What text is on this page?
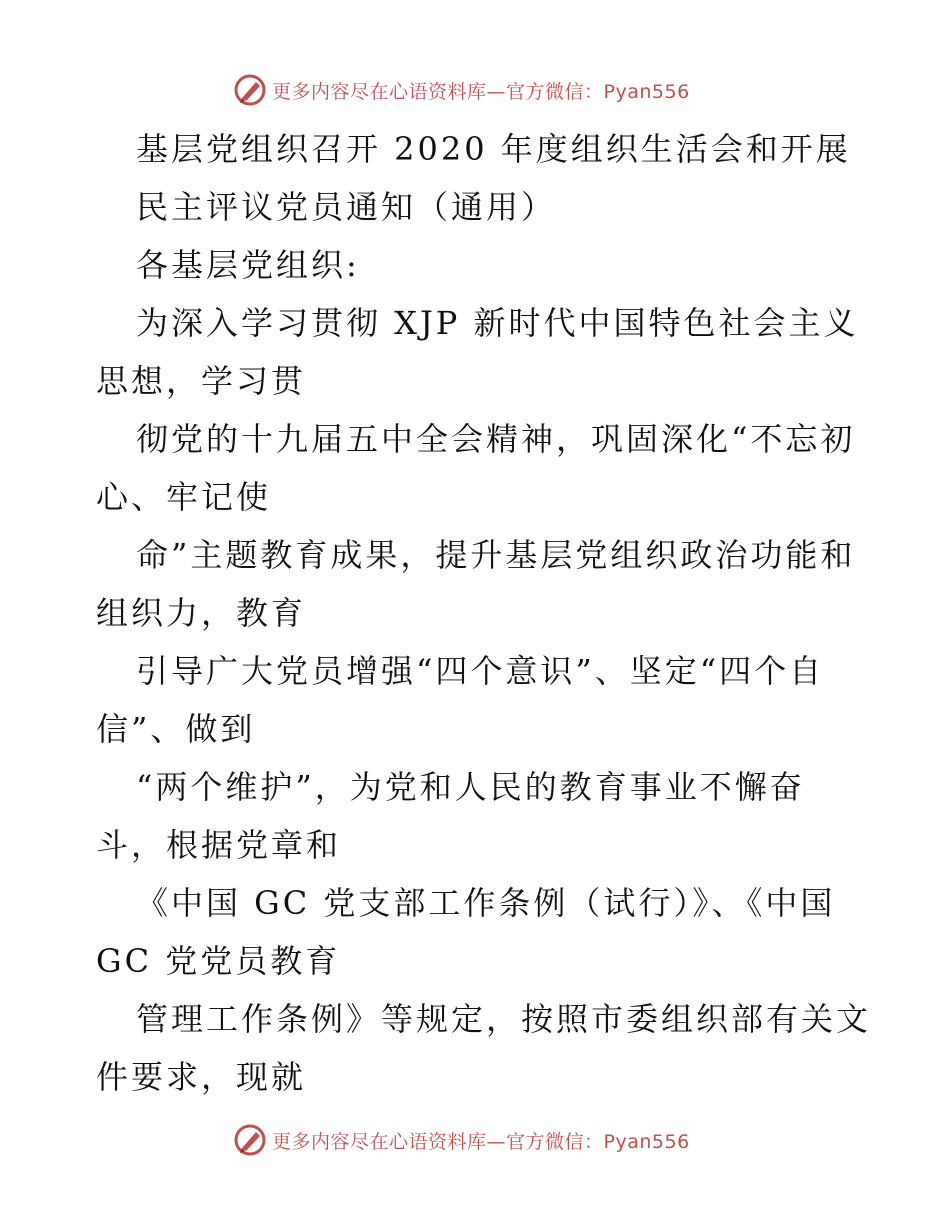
更多内容尽在心语资料库—官方微信：Pyan556
基层党组织召开 2020 年度组织生活会和开展
民主评议党员通知（通用）
各基层党组织:
为深入学习贯彻 XJP 新时代中国特色社会主义
思想，学习贯
彻党的十九届五中全会精神，巩固深化“不忘初
心、牢记使
命”主题教育成果，提升基层党组织政治功能和
组织力，教育
引导广大党员增强“四个意识”、坚定“四个自
信”、做到
“两个维护”，为党和人民的教育事业不懈奋
斗，根据党章和
《中国 GC 党支部工作条例（试行）》、《中国
GC 党党员教育
管理工作条例》等规定，按照市委组织部有关文
件要求，现就
更多内容尽在心语资料库—官方微信：Pyan556
